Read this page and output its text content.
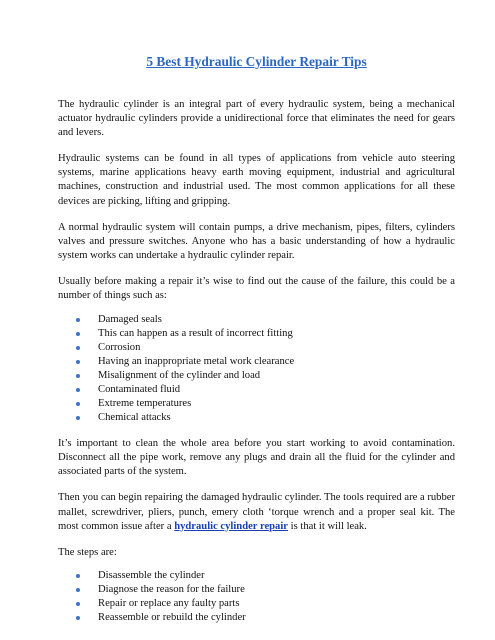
5 Best Hydraulic Cylinder Repair Tips

The hydraulic cylinder is an integral part of every hydraulic system, being a mechanical actuator hydraulic cylinders provide a unidirectional force that eliminates the need for gears and levers.

Hydraulic systems can be found in all types of applications from vehicle auto steering systems, marine applications heavy earth moving equipment, industrial and agricultural machines, construction and industrial used. The most common applications for all these devices are picking, lifting and gripping.

A normal hydraulic system will contain pumps, a drive mechanism, pipes, filters, cylinders valves and pressure switches. Anyone who has a basic understanding of how a hydraulic system works can undertake a hydraulic cylinder repair.

Usually before making a repair it’s wise to find out the cause of the failure, this could be a number of things such as:

Damaged seals
This can happen as a result of incorrect fitting
Corrosion
Having an inappropriate metal work clearance
Misalignment of the cylinder and load
Contaminated fluid
Extreme temperatures
Chemical attacks

It’s important to clean the whole area before you start working to avoid contamination. Disconnect all the pipe work, remove any plugs and drain all the fluid for the cylinder and associated parts of the system.

Then you can begin repairing the damaged hydraulic cylinder. The tools required are a rubber mallet, screwdriver, pliers, punch, emery cloth ‘torque wrench and a proper seal kit. The most common issue after a hydraulic cylinder repair is that it will leak.

The steps are:

Disassemble the cylinder
Diagnose the reason for the failure
Repair or replace any faulty parts
Reassemble or rebuild the cylinder
